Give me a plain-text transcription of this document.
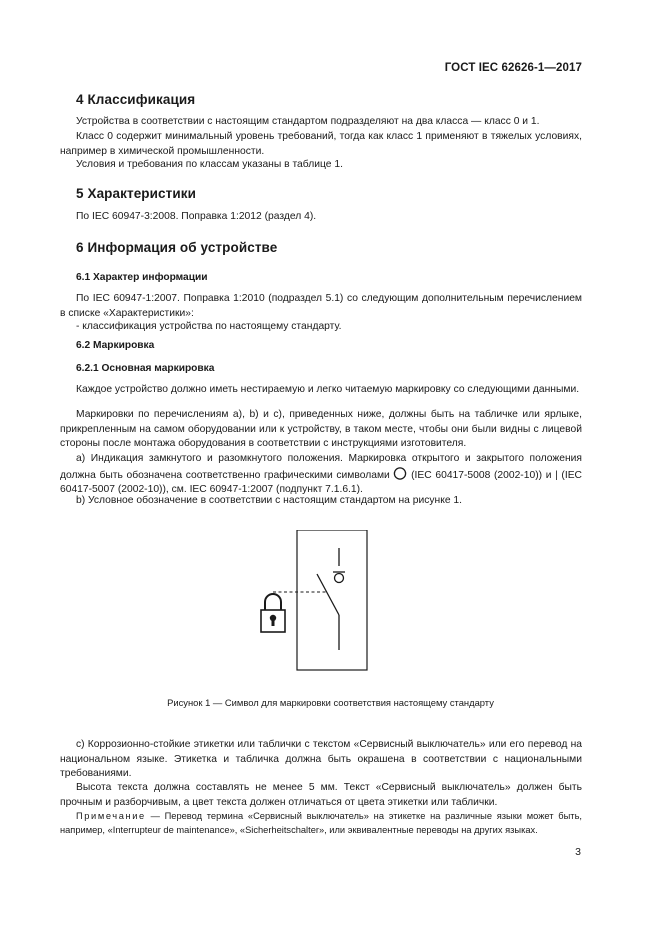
ГОСТ IEC 62626-1—2017
4 Классификация
Устройства в соответствии с настоящим стандартом подразделяют на два класса — класс 0 и 1.
Класс 0 содержит минимальный уровень требований, тогда как класс 1 применяют в тяжелых условиях, например в химической промышленности.
Условия и требования по классам указаны в таблице 1.
5 Характеристики
По IEC 60947-3:2008. Поправка 1:2012 (раздел 4).
6 Информация об устройстве
6.1 Характер информации
По IEC 60947-1:2007. Поправка 1:2010 (подраздел 5.1) со следующим дополнительным перечислением в списке «Характеристики»:
- классификация устройства по настоящему стандарту.
6.2 Маркировка
6.2.1 Основная маркировка
Каждое устройство должно иметь нестираемую и легко читаемую маркировку со следующими данными.
Маркировки по перечислениям а), b) и с), приведенных ниже, должны быть на табличке или ярлыке, прикрепленным на самом оборудовании или к устройству, в таком месте, чтобы они были видны с лицевой стороны после монтажа оборудования в соответствии с инструкциями изготовителя.
а) Индикация замкнутого и разомкнутого положения. Маркировка открытого и закрытого положения должна быть обозначена соответственно графическими символами (IEC 60417-5008 (2002-10)) и | (IEC 60417-5007 (2002-10)), см. IEC 60947-1:2007 (подпункт 7.1.6.1).
b) Условное обозначение в соответствии с настоящим стандартом на рисунке 1.
Рисунок 1 — Символ для маркировки соответствия настоящему стандарту
с) Коррозионно-стойкие этикетки или таблички с текстом «Сервисный выключатель» или его перевод на национальном языке. Этикетка и табличка должна быть окрашена в соответствии с национальными требованиями.
Высота текста должна составлять не менее 5 мм. Текст «Сервисный выключатель» должен быть прочным и разборчивым, а цвет текста должен отличаться от цвета этикетки или таблички.
Примечание — Перевод термина «Сервисный выключатель» на этикетке на различные языки может быть, например, «Interrupteur de maintenance», «Sicherheitschalter», или эквивалентные переводы на других языках.
3
